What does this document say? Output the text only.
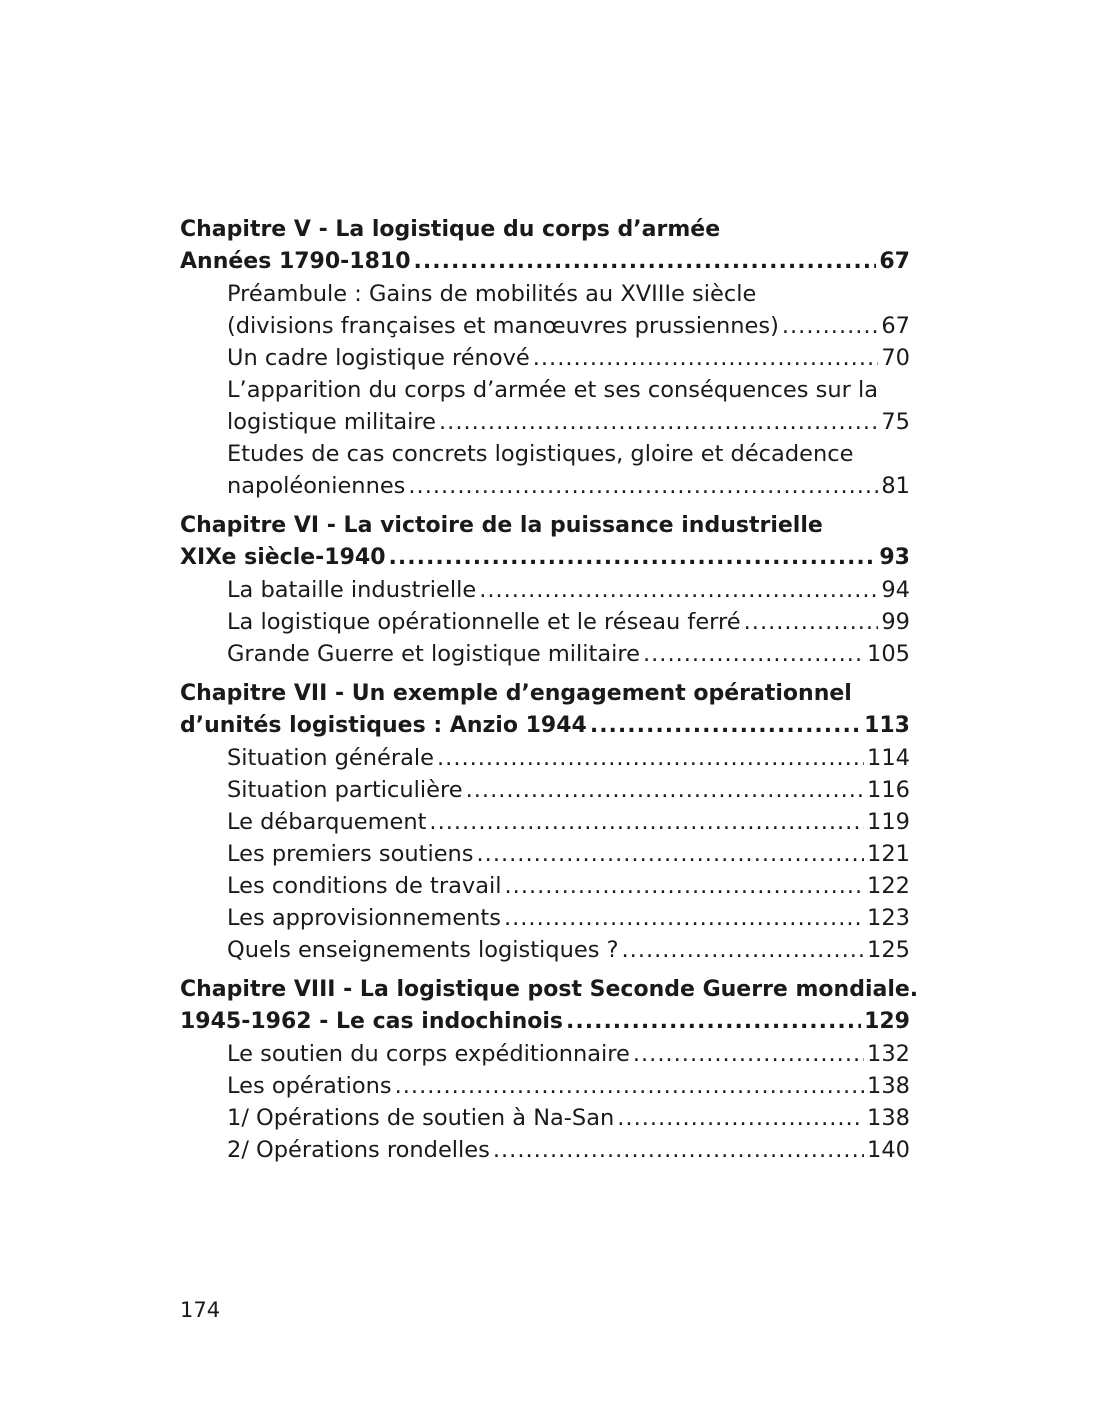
Chapitre V - La logistique du corps d’armée
Années 1790-1810 .....	67
Préambule : Gains de mobilités au XVIIIe siècle
(divisions françaises et manœuvres prussiennes) .....	67
Un cadre logistique rénové .....	70
L’apparition du corps d’armée et ses conséquences sur la
logistique militaire .....	75
Etudes de cas concrets logistiques, gloire et décadence
napoléoniennes .....	81
Chapitre VI - La victoire de la puissance industrielle
XIXe siècle-1940 .....	93
La bataille industrielle .....	94
La logistique opérationnelle et le réseau ferré .....	99
Grande Guerre et logistique militaire .....	105
Chapitre VII - Un exemple d’engagement opérationnel
d’unités logistiques : Anzio 1944 .....	113
Situation générale .....	114
Situation particulière .....	116
Le débarquement .....	119
Les premiers soutiens .....	121
Les conditions de travail .....	122
Les approvisionnements .....	123
Quels enseignements logistiques ? .....	125
Chapitre VIII - La logistique post Seconde Guerre mondiale.
1945-1962 - Le cas indochinois .....	129
Le soutien du corps expéditionnaire .....	132
Les opérations .....	138
1/ Opérations de soutien à Na-San .....	138
2/ Opérations rondelles .....	140
174
